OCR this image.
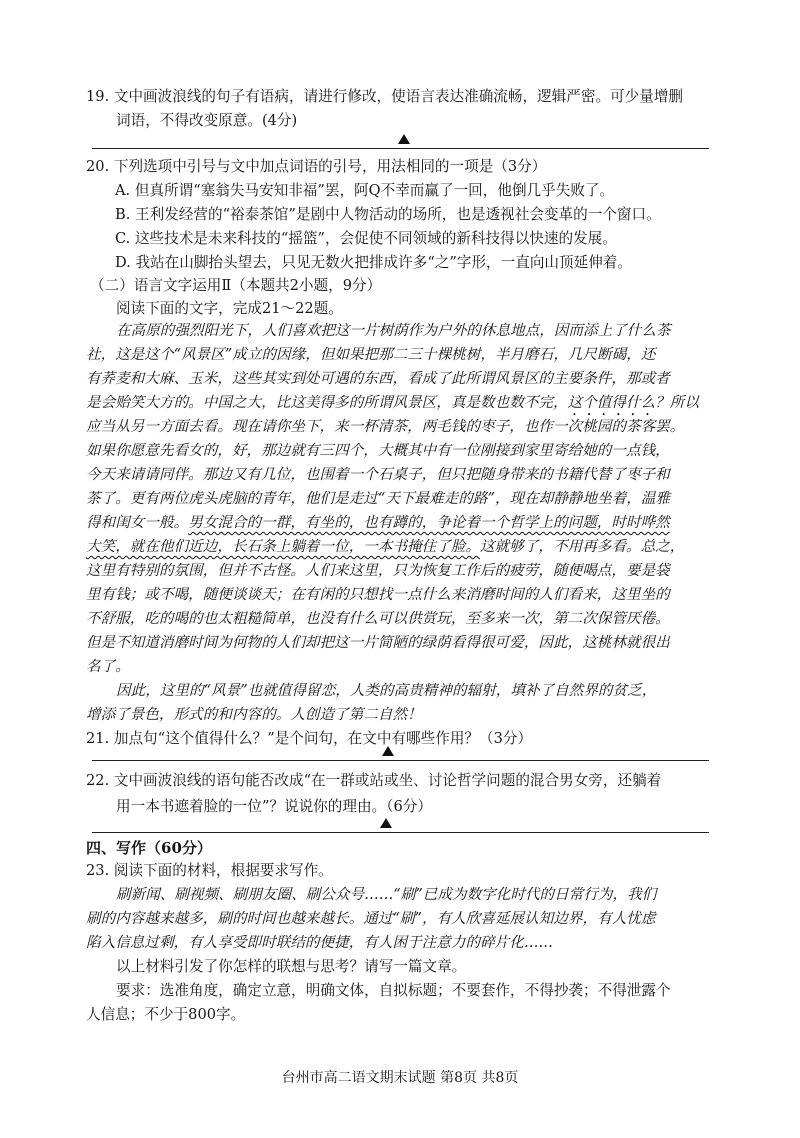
19. 文中画波浪线的句子有语病，请进行修改，使语言表达准确流畅，逻辑严密。可少量增删
词语，不得改变原意。(4分)
20. 下列选项中引号与文中加点词语的引号，用法相同的一项是（3分）
A. 但真所谓“塞翁失马安知非福”罢，阿Q不幸而赢了一回，他倒几乎失败了。
B. 王利发经营的“裕泰茶馆”是剧中人物活动的场所，也是透视社会变革的一个窗口。
C. 这些技术是未来科技的“摇篮”，会促使不同领域的新科技得以快速的发展。
D. 我站在山脚抬头望去，只见无数火把排成许多“之”字形，一直向山顶延伸着。
（二）语言文字运用Ⅱ（本题共2小题，9分）
阅读下面的文字，完成21～22题。
在高原的强烈阳光下，人们喜欢把这一片树荫作为户外的休息地点，因而添上了什么茶
社，这是这个“风景区”成立的因缘，但如果把那二三十棵桃树，半月磨石，几尺断碣，还
有荞麦和大麻、玉米，这些其实到处可遇的东西，看成了此所谓风景区的主要条件，那或者
是会贻笑大方的。中国之大，比这美得多的所谓风景区，真是数也数不完，这个值得什么？所以
应当从另一方面去看。现在请你坐下，来一杯清茶，两毛钱的枣子，也作一次桃园的茶客罢。
如果你愿意先看女的，好，那边就有三四个，大概其中有一位刚接到家里寄给她的一点钱，
今天来请请同伴。那边又有几位，也围着一个石桌子，但只把随身带来的书籍代替了枣子和
茶了。更有两位虎头虎脑的青年，他们是走过“天下最难走的路”，现在却静静地坐着，温雅
得和闺女一般。男女混合的一群，有坐的，也有蹲的，争论着一个哲学上的问题，时时哗然
大笑，就在他们近边，长石条上躺着一位，一本书掩住了脸。这就够了，不用再多看。总之，
这里有特别的氛围，但并不古怪。人们来这里，只为恢复工作后的疲劳，随便喝点，要是袋
里有钱；或不喝，随便谈谈天；在有闲的只想找一点什么来消磨时间的人们看来，这里坐的
不舒服，吃的喝的也太粗糙简单，也没有什么可以供赏玩，至多来一次，第二次保管厌倦。
但是不知道消磨时间为何物的人们却把这一片简陋的绿荫看得很可爱，因此，这桃林就很出
名了。
因此，这里的“风景”也就值得留恋，人类的高贵精神的辐射，填补了自然界的贫乏，
增添了景色，形式的和内容的。人创造了第二自然！
21. 加点句“这个值得什么？”是个问句，在文中有哪些作用？（3分）
22. 文中画波浪线的语句能否改成“在一群或站或坐、讨论哲学问题的混合男女旁，还躺着
用一本书遮着脸的一位”？说说你的理由。（6分）
四、写作（60分）
23. 阅读下面的材料，根据要求写作。
刷新闻、刷视频、刷朋友圈、刷公众号……“刷”已成为数字化时代的日常行为，我们
刷的内容越来越多，刷的时间也越来越长。通过“刷”，有人欣喜延展认知边界，有人忧虑
陷入信息过剩，有人享受即时联结的便捷，有人困于注意力的碎片化……
以上材料引发了你怎样的联想与思考？请写一篇文章。
要求：选准角度，确定立意，明确文体，自拟标题；不要套作，不得抄袭；不得泄露个
人信息；不少于800字。
台州市高二语文期末试题 第8页 共8页
